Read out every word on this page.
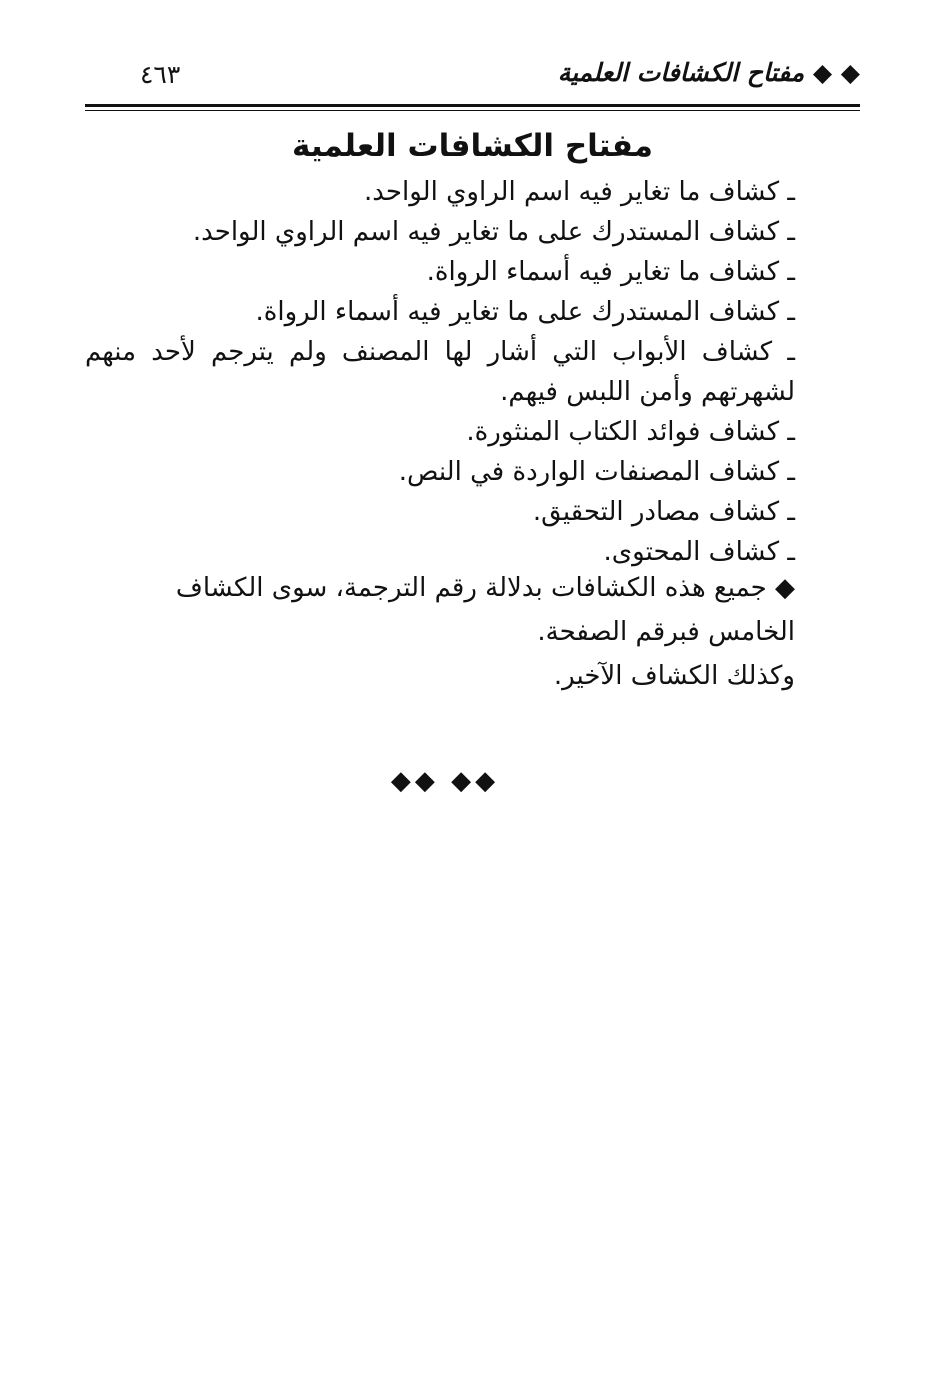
◆ ◆ مفتاح الكشافات العلمية
٤٦٣
مفتاح الكشافات العلمية
ـ كشاف ما تغاير فيه اسم الراوي الواحد.
ـ كشاف المستدرك على ما تغاير فيه اسم الراوي الواحد.
ـ كشاف ما تغاير فيه أسماء الرواة.
ـ كشاف المستدرك على ما تغاير فيه أسماء الرواة.
ـ كشاف الأبواب التي أشار لها المصنف ولم يترجم لأحد منهم لشهرتهم وأمن اللبس فيهم.
ـ كشاف فوائد الكتاب المنثورة.
ـ كشاف المصنفات الواردة في النص.
ـ كشاف مصادر التحقيق.
ـ كشاف المحتوى.

◆ جميع هذه الكشافات بدلالة رقم الترجمة، سوى الكشاف الخامس فبرقم الصفحة.

وكذلك الكشاف الآخير.

◆◆ ◆◆
